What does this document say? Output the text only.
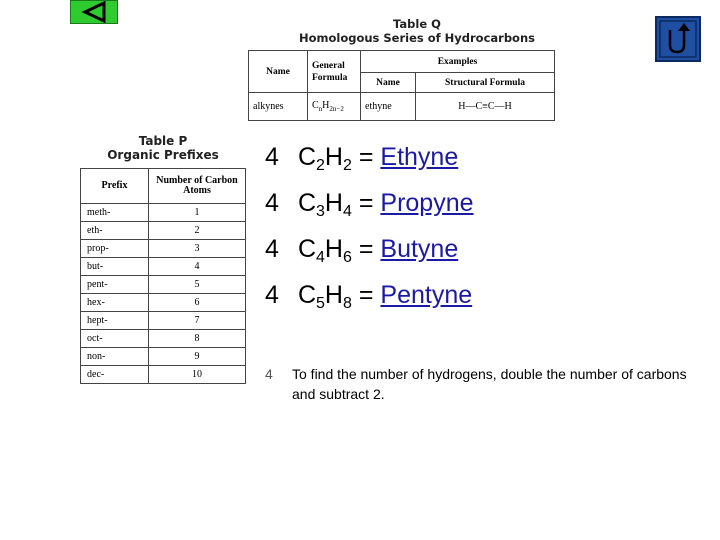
Table Q
Homologous Series of Hydrocarbons
Name	General Formula	Examples	
		Name	Structural Formula
alkynes	$C_nH_{2n-2}$	ethyne	H—C≡C—H
Table P
Organic Prefixes
Prefix	Number of Carbon Atoms
meth-	1
eth-	2
prop-	3
but-	4
pent-	5
hex-	6
hept-	7
oct-	8
non-	9
dec-	10
4 $C_2H_2$ = Ethyne
4 $C_3H_4$ = Propyne
4 $C_4H_6$ = Butyne
4 $C_5H_8$ = Pentyne
4 To find the number of hydrogens, double the number of carbons and subtract 2.
